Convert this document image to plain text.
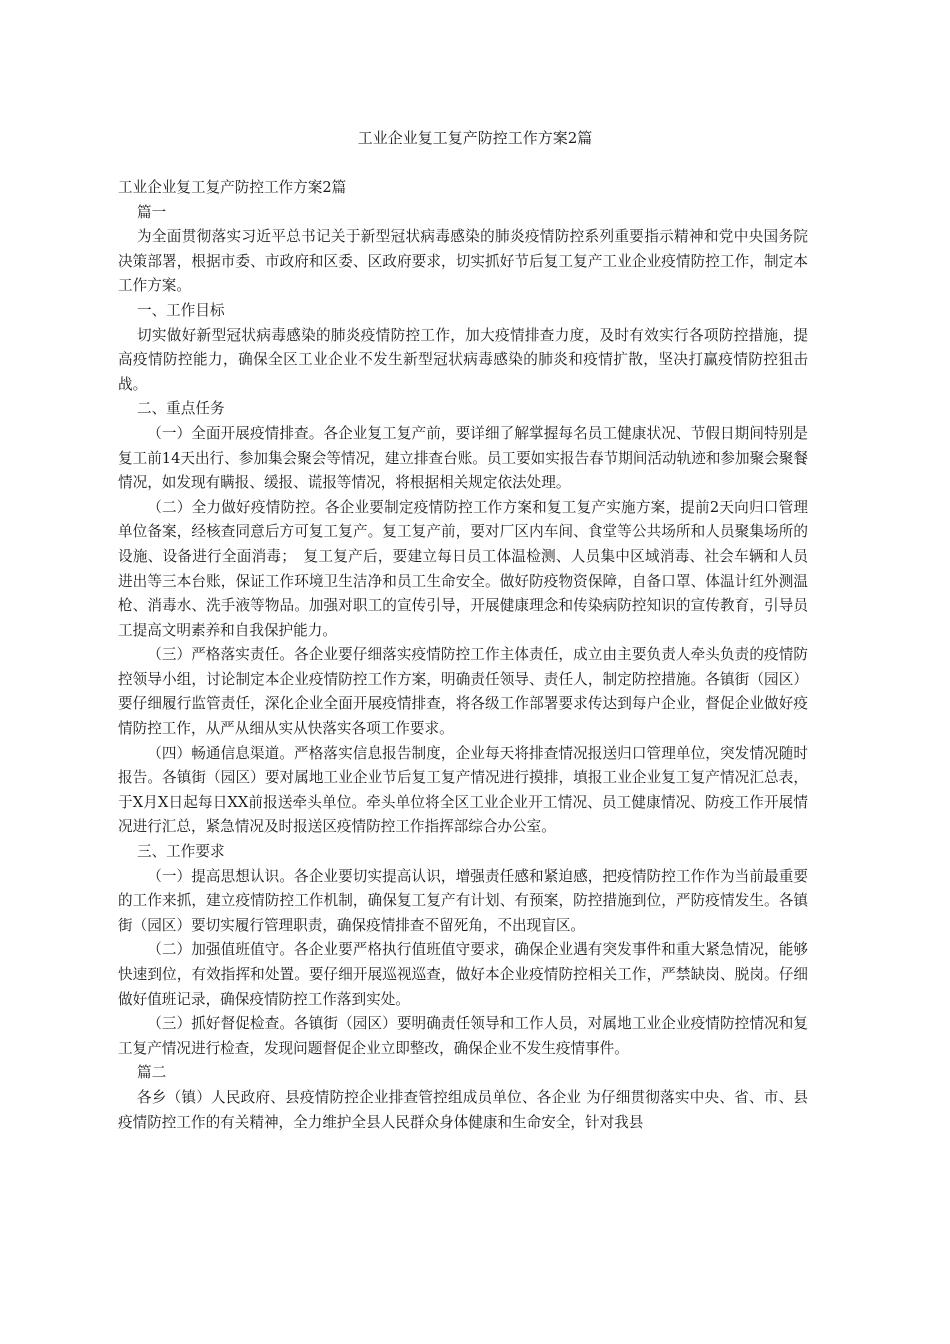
工业企业复工复产防控工作方案2篇

工业企业复工复产防控工作方案2篇

篇一

为全面贯彻落实习近平总书记关于新型冠状病毒感染的肺炎疫情防控系列重要指示精神和党中央国务院决策部署，根据市委、市政府和区委、区政府要求，切实抓好节后复工复产工业企业疫情防控工作，制定本工作方案。

一、工作目标

切实做好新型冠状病毒感染的肺炎疫情防控工作，加大疫情排查力度，及时有效实行各项防控措施，提高疫情防控能力，确保全区工业企业不发生新型冠状病毒感染的肺炎和疫情扩散，坚决打赢疫情防控狙击战。

二、重点任务

（一）全面开展疫情排查。各企业复工复产前，要详细了解掌握每名员工健康状况、节假日期间特别是复工前14天出行、参加集会聚会等情况，建立排查台账。员工要如实报告春节期间活动轨迹和参加聚会聚餐情况，如发现有瞒报、缓报、谎报等情况，将根据相关规定依法处理。

（二）全力做好疫情防控。各企业要制定疫情防控工作方案和复工复产实施方案，提前2天向归口管理单位备案，经核查同意后方可复工复产。复工复产前，要对厂区内车间、食堂等公共场所和人员聚集场所的设施、设备进行全面消毒；　复工复产后，要建立每日员工体温检测、人员集中区域消毒、社会车辆和人员进出等三本台账，保证工作环境卫生洁净和员工生命安全。做好防疫物资保障，自备口罩、体温计红外测温枪、消毒水、洗手液等物品。加强对职工的宣传引导，开展健康理念和传染病防控知识的宣传教育，引导员工提高文明素养和自我保护能力。

（三）严格落实责任。各企业要仔细落实疫情防控工作主体责任，成立由主要负责人牵头负责的疫情防控领导小组，讨论制定本企业疫情防控工作方案，明确责任领导、责任人，制定防控措施。各镇街（园区）要仔细履行监管责任，深化企业全面开展疫情排查，将各级工作部署要求传达到每户企业，督促企业做好疫情防控工作，从严从细从实从快落实各项工作要求。

（四）畅通信息渠道。严格落实信息报告制度，企业每天将排查情况报送归口管理单位，突发情况随时报告。各镇街（园区）要对属地工业企业节后复工复产情况进行摸排，填报工业企业复工复产情况汇总表，于X月X日起每日XX前报送牵头单位。牵头单位将全区工业企业开工情况、员工健康情况、防疫工作开展情况进行汇总，紧急情况及时报送区疫情防控工作指挥部综合办公室。

三、工作要求

（一）提高思想认识。各企业要切实提高认识，增强责任感和紧迫感，把疫情防控工作作为当前最重要的工作来抓，建立疫情防控工作机制，确保复工复产有计划、有预案，防控措施到位，严防疫情发生。各镇街（园区）要切实履行管理职责，确保疫情排查不留死角，不出现盲区。

（二）加强值班值守。各企业要严格执行值班值守要求，确保企业遇有突发事件和重大紧急情况，能够快速到位，有效指挥和处置。要仔细开展巡视巡查，做好本企业疫情防控相关工作，严禁缺岗、脱岗。仔细做好值班记录，确保疫情防控工作落到实处。

（三）抓好督促检查。各镇街（园区）要明确责任领导和工作人员，对属地工业企业疫情防控情况和复工复产情况进行检查，发现问题督促企业立即整改，确保企业不发生疫情事件。

篇二

各乡（镇）人民政府、县疫情防控企业排查管控组成员单位、各企业 为仔细贯彻落实中央、省、市、县疫情防控工作的有关精神，全力维护全县人民群众身体健康和生命安全，针对我县
